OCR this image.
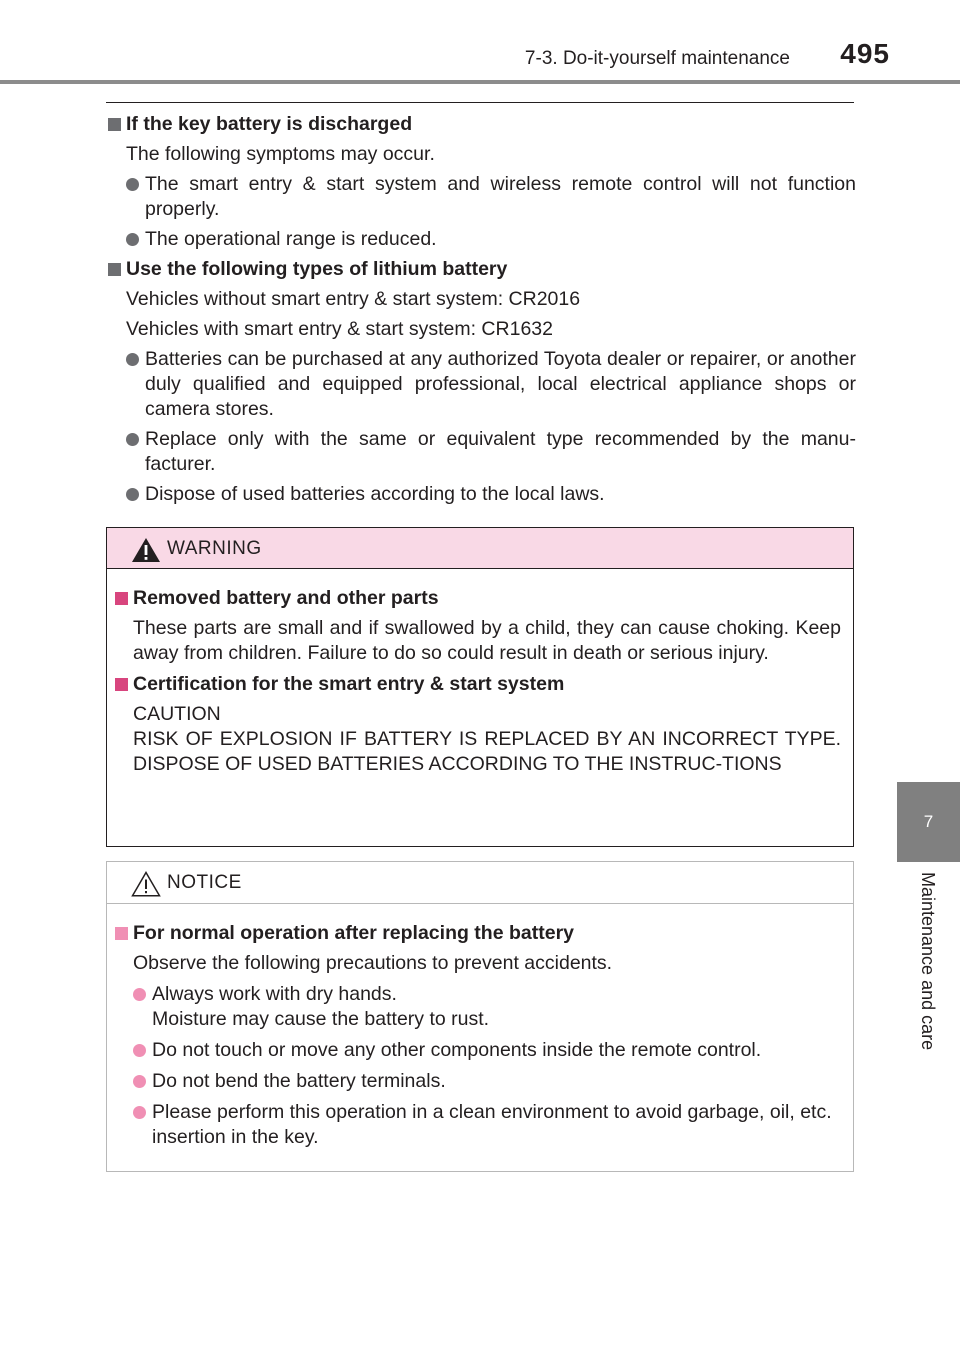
7-3. Do-it-yourself maintenance	495
7
Maintenance and care
If the key battery is discharged
The following symptoms may occur.
The smart entry & start system and wireless remote control will not function properly.
The operational range is reduced.
Use the following types of lithium battery
Vehicles without smart entry & start system: CR2016
Vehicles with smart entry & start system: CR1632
Batteries can be purchased at any authorized Toyota dealer or repairer, or another duly qualified and equipped professional, local electrical appliance shops or camera stores.
Replace only with the same or equivalent type recommended by the manu-facturer.
Dispose of used batteries according to the local laws.
WARNING
Removed battery and other parts
These parts are small and if swallowed by a child, they can cause choking. Keep away from children. Failure to do so could result in death or serious injury.
Certification for the smart entry & start system
CAUTION
RISK OF EXPLOSION IF BATTERY IS REPLACED BY AN INCORRECT TYPE. DISPOSE OF USED BATTERIES ACCORDING TO THE INSTRUC-TIONS
NOTICE
For normal operation after replacing the battery
Observe the following precautions to prevent accidents.
Always work with dry hands.
Moisture may cause the battery to rust.
Do not touch or move any other components inside the remote control.
Do not bend the battery terminals.
Please perform this operation in a clean environment to avoid garbage, oil, etc. insertion in the key.
